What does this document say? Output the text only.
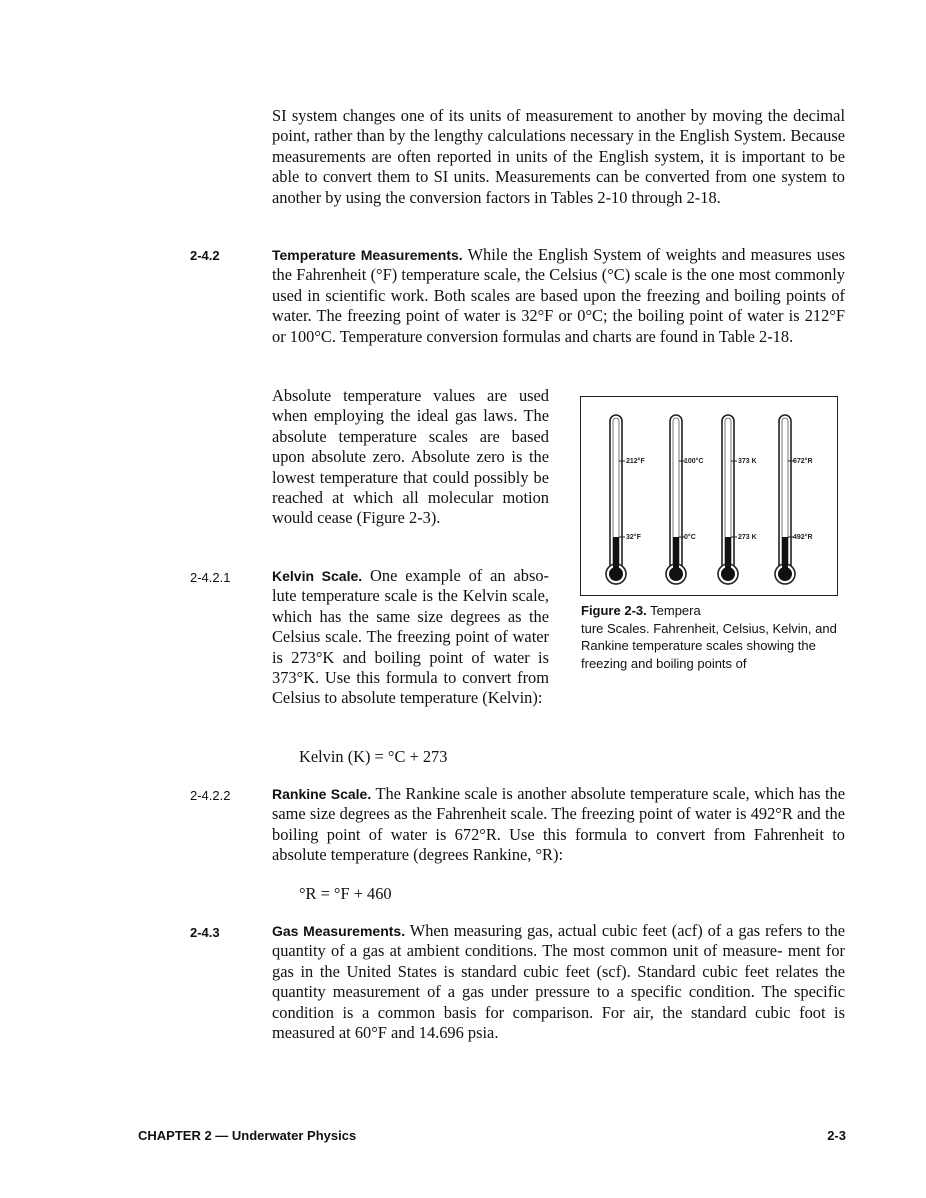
SI system changes one of its units of measurement to another by moving the decimal point, rather than by the lengthy calculations necessary in the English System. Because measurements are often reported in units of the English system, it is important to be able to convert them to SI units. Measurements can be converted from one system to another by using the conversion factors in Tables 2-10 through 2-18.

2-4.2	Temperature Measurements. While the English System of weights and measures uses the Fahrenheit (°F) temperature scale, the Celsius (°C) scale is the one most commonly used in scientific work. Both scales are based upon the freezing and boiling points of water. The freezing point of water is 32°F or 0°C; the boiling point of water is 212°F or 100°C. Temperature conversion formulas and charts are found in Table 2-18.

Absolute temperature values are used when employing the ideal gas laws. The absolute temperature scales are based upon absolute zero. Absolute zero is the lowest temperature that could possibly be reached at which all molecular motion would cease (Figure 2-3).

2-4.2.1	Kelvin Scale. One example of an abso- lute temperature scale is the Kelvin scale, which has the same size degrees as the Celsius scale. The freezing point of water is 273°K and boiling point of water is 373°K. Use this formula to convert from Celsius to absolute temperature (Kelvin):

Kelvin (K) = °C + 273
212°F
32°F
100°C
0°C
373 K
273 K
672°R
492°R
Figure 2-3. Tempera
ture Scales. Fahrenheit, Celsius, Kelvin, and Rankine temperature scales showing the freezing and boiling points of
2-4.2.2	Rankine Scale. The Rankine scale is another absolute temperature scale, which has the same size degrees as the Fahrenheit scale. The freezing point of water is 492°R and the boiling point of water is 672°R. Use this formula to convert from Fahrenheit to absolute temperature (degrees Rankine, °R):

°R = °F + 460
2-4.3	Gas Measurements. When measuring gas, actual cubic feet (acf) of a gas refers to the quantity of a gas at ambient conditions. The most common unit of measure- ment for gas in the United States is standard cubic feet (scf). Standard cubic feet relates the quantity measurement of a gas under pressure to a specific condition. The specific condition is a common basis for comparison. For air, the standard cubic foot is measured at 60°F and 14.696 psia.

CHAPTER 2 — Underwater Physics	2-3
